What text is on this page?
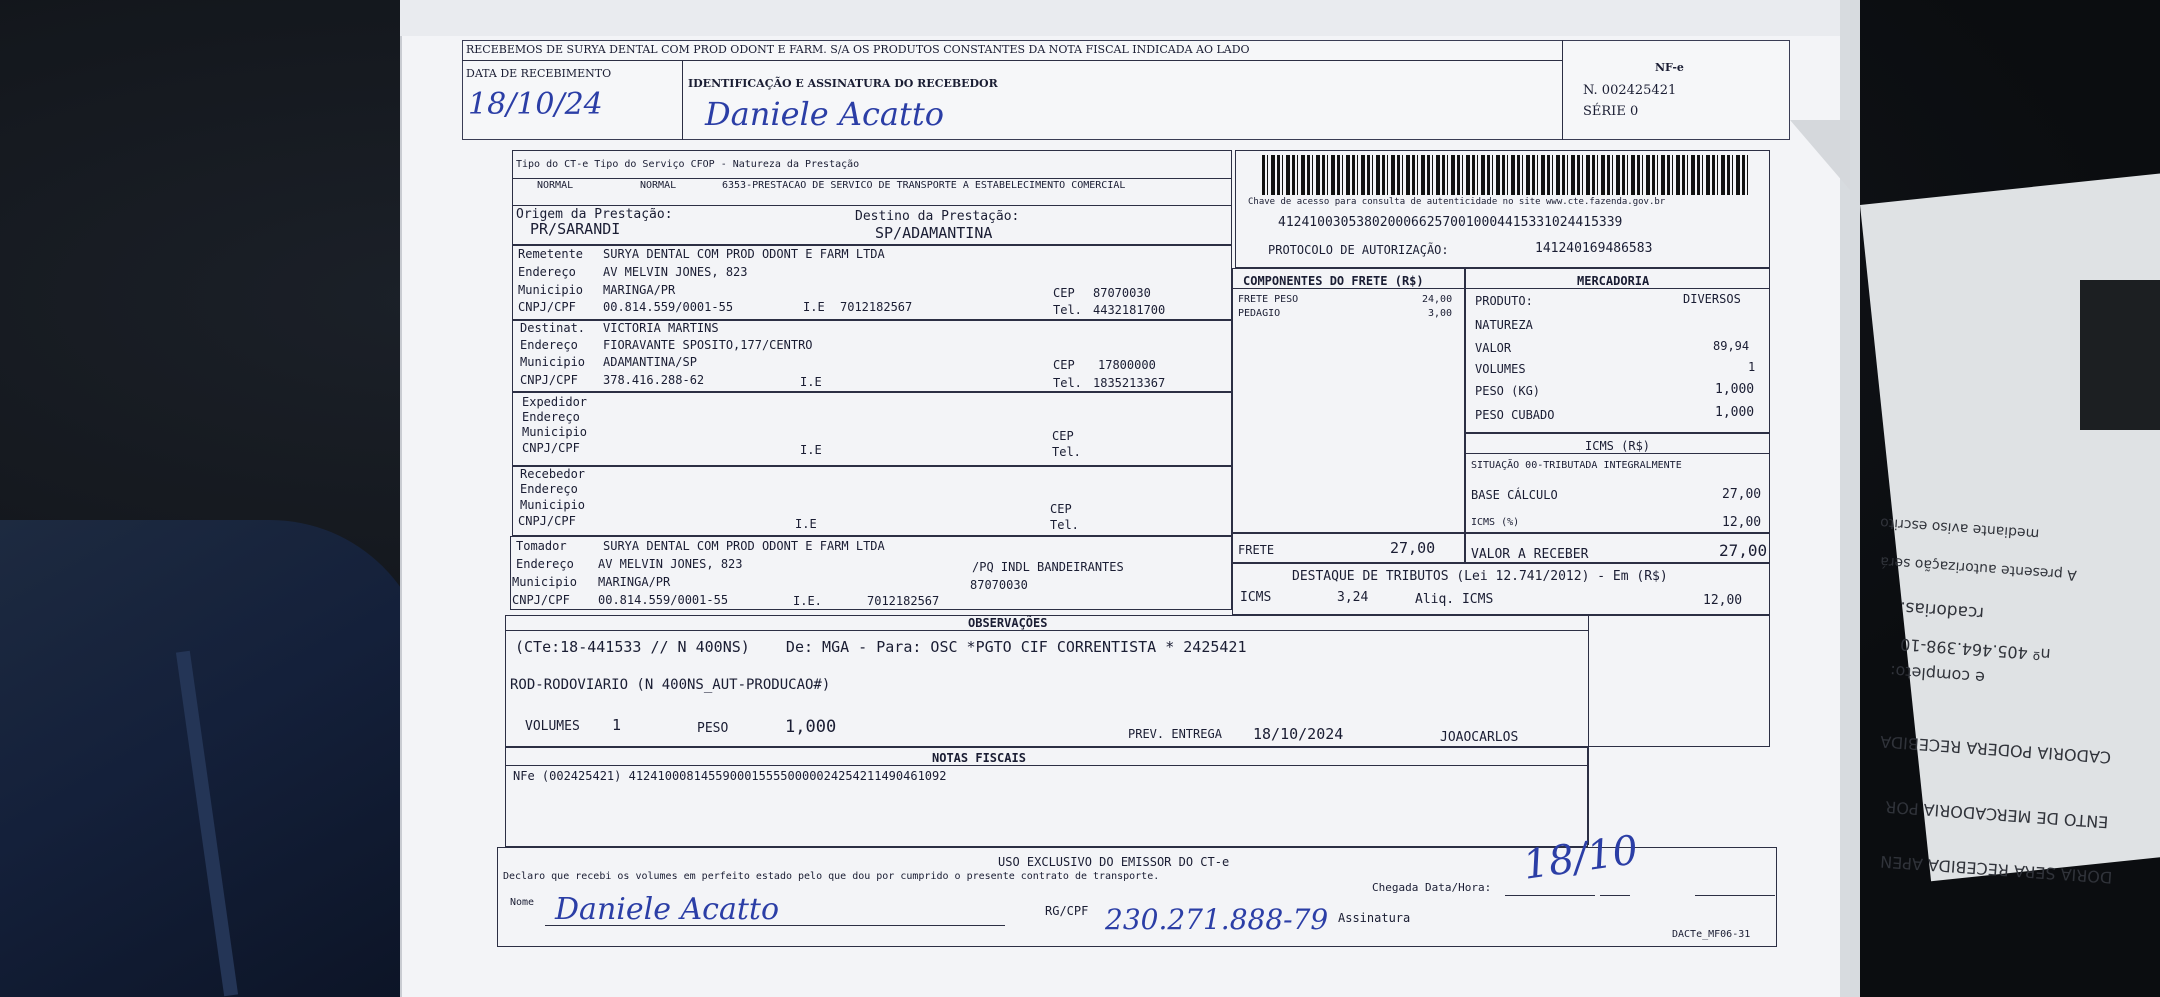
CADORIA PODERA RECEBIDA
ENTO DE MERCADORIA POR
DORIA SERA RECEBIDA APEN
e completo:
nº 405.464.398-10
rcadorias.
A presente autorização será
mediante aviso escrito
RECEBEMOS DE SURYA DENTAL COM PROD ODONT E FARM. S/A OS PRODUTOS CONSTANTES DA NOTA FISCAL INDICADA AO LADO
DATA DE RECEBIMENTO
18/10/24
IDENTIFICAÇÃO E ASSINATURA DO RECEBEDOR
Daniele Acatto
NF-e
N. 002425421
SÉRIE 0
Tipo do CT-e Tipo do Serviço CFOP - Natureza da Prestação
NORMAL	NORMAL	6353-PRESTACAO DE SERVICO DE TRANSPORTE A ESTABELECIMENTO COMERCIAL
Origem da Prestação:
PR/SARANDI
Destino da Prestação:
SP/ADAMANTINA
Remetente SURYA DENTAL COM PROD ODONT E FARM LTDA
Endereço AV MELVIN JONES, 823
Municipio MARINGA/PR
CNPJ/CPF 00.814.559/0001-55	I.E 7012182567
CEP 87070030
Tel. 4432181700
Destinat. VICTORIA MARTINS
Endereço FIORAVANTE SPOSITO,177/CENTRO
Municipio ADAMANTINA/SP
CNPJ/CPF 378.416.288-62	I.E
CEP 17800000
Tel. 1835213367
Expedidor
Endereço
Municipio
CNPJ/CPF	I.E
CEP
Tel.
Recebedor
Endereço
Municipio
CNPJ/CPF	I.E
CEP
Tel.
Tomador	SURYA DENTAL COM PROD ODONT E FARM LTDA
Endereço AV MELVIN JONES, 823	/PQ INDL BANDEIRANTES
Municipio MARINGA/PR	87070030
CNPJ/CPF 00.814.559/0001-55	I.E.	7012182567
Chave de acesso para consulta de autenticidade no site www.cte.fazenda.gov.br
41241003053802000662570010004415331024415339
PROTOCOLO DE AUTORIZAÇÃO:	141240169486583
COMPONENTES DO FRETE (R$)
FRETE PESO	24,00
PEDAGIO	3,00
MERCADORIA
PRODUTO:	DIVERSOS
NATUREZA
VALOR	89,94
VOLUMES	1
PESO (KG)	1,000
PESO CUBADO	1,000
ICMS (R$)
SITUAÇÃO 00-TRIBUTADA INTEGRALMENTE
BASE CÁLCULO	27,00
ICMS (%)	12,00
FRETE	27,00	VALOR A RECEBER	27,00
DESTAQUE DE TRIBUTOS (Lei 12.741/2012) - Em (R$)
ICMS	3,24	Aliq. ICMS	12,00
OBSERVAÇÕES
(CTe:18-441533 // N 400NS)    De: MGA - Para: OSC *PGTO CIF CORRENTISTA * 2425421
ROD-RODOVIARIO (N 400NS_AUT-PRODUCAO#)
VOLUMES 1	PESO	1,000	PREV. ENTREGA 18/10/2024	JOAOCARLOS
NOTAS FISCAIS
NFe (002425421) 41241000814559000155550000024254211490461092
USO EXCLUSIVO DO EMISSOR DO CT-e
Declaro que recebi os volumes em perfeito estado pelo que dou por cumprido o presente contrato de transporte.
Chegada Data/Hora: 18/10
Nome Daniele Acatto	RG/CPF 230.271.888-79 Assinatura
DACTe_MF06-31
